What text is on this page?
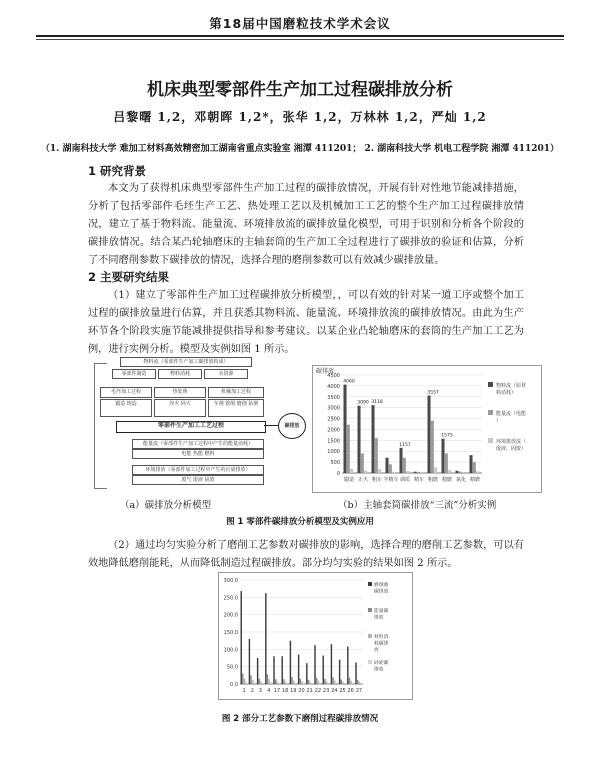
第18届中国磨粒技术学术会议
机床典型零部件生产加工过程碳排放分析
吕黎曙 1,2，邓朝晖 1,2*，张华 1,2，万林林 1,2，严灿 1,2
（1. 湖南科技大学 难加工材料高效精密加工湖南省重点实验室 湘潭 411201； 2. 湖南科技大学 机电工程学院 湘潭 411201）
1 研究背景
本文为了获得机床典型零部件生产加工过程的碳排放情况，开展有针对性地节能减排措施，分析了包括零部件毛坯生产工艺、热处理工艺以及机械加工工艺的整个生产加工过程碳排放情况，建立了基于物料流、能量流、环境排放流的碳排放量化模型，可用于识别和分析各个阶段的碳排放情况。结合某凸轮轴磨床的主轴套筒的生产加工全过程进行了碳排放的验证和估算，分析了不同磨削参数下碳排放的情况，选择合理的磨削参数可以有效减少碳排放量。
2 主要研究结果
（1）建立了零部件生产加工过程碳排放分析模型，，可以有效的针对某一道工序或整个加工过程的碳排放量进行估算，并且获悉其物料流、能量流、环境排放流的碳排放情况。由此为生产环节各个阶段实施节能减排提供指导和参考建议。以某企业凸轮轴磨床的套筒的生产加工工艺为例，进行实例分析。模型及实例如图 1 所示。
物料流（零部件生产加工碳排放构成）
零部件制造	物料消耗	水资源
毛坯加工过程	热处理	机械加工过程
锻造 铸造	淬火 回火	车削 铣削 磨削 钻削
零部件生产加工工艺过程	碳排放
能量流（零部件生产加工过程中产生的能量消耗）
电能 热能 燃料
环境排放（零部件加工过程中产生的污染排放）
废气 废液 固废
碳排放
0
500
1000
1500
2000
2500
3000
3500
4000
4500
锻造 正火 粗车 半精车 调质 精车 粗磨 精磨 氮化 精磨
4060
3090 3118
1157
3557
1575
物料流（原材料消耗）
能量流（电能）
环境排放流（废液、固废）
（a）碳排放分析模型	（b）主轴套筒碳排放“三流”分析实例
图 1 零部件碳排放分析模型及实例应用
（2）通过均匀实验分析了磨削工艺参数对碳排放的影响，选择合理的磨削工艺参数，可以有效地降低磨削能耗，从而降低制造过程碳排放。部分均匀实验的结果如图 2 所示。
0.0
50.0
100.0
150.0
200.0
250.0
300.0
1 2 3 4 17 18 19 20 21 22 23 24 25 26 27
磨削液碳排放
能量碳排放
材料消耗碳排放
砂轮碳排放
图 2 部分工艺参数下磨削过程碳排放情况
